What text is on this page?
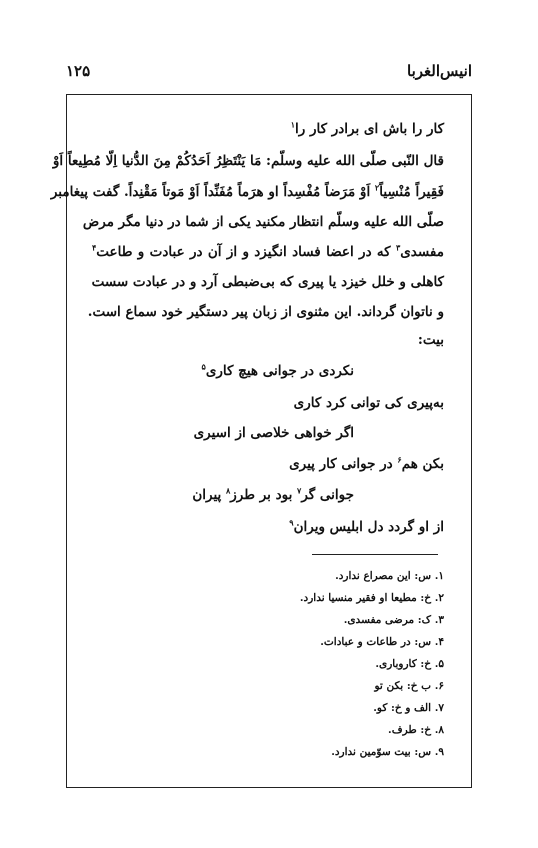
۱۲۵	انیس‌الغربا
کار را باش ای برادر کار را$^۱$
قال النّبی صلّی الله علیه وسلّم: مَا یَنْتَظِرُ اَحَدُکُمْ مِنَ الدُّنیا اِلّا مُطِیعاً اَوْ
فَقِیراً مُنْسِیاً$^۲$ اَوْ مَرَضاً مُفْسِداً او هرَماً مُفَنِّداً اَوْ مَوتاً مَقْنِداً. گفت پیغامبر
صلّی الله علیه وسلّم انتظار مکنید یکی از شما در دنیا مگر مرض
مفسدی$^۳$ که در اعضا فساد انگیزد و از آن در عبادت و طاعت$^۴$
کاهلی و خلل خیزد یا پیری که بی‌ضبطی آرد و در عبادت سست
و ناتوان گرداند. این مثنوی از زبان پیر دستگیر خود سماع است.
بیت:
نکردی در جوانی هیچ کاری$^۵$
به‌پیری کی توانی کرد کاری
اگر خواهی خلاصی از اسیری
بکن هم$^۶$ در جوانی کار پیری
جوانی گر$^۷$ بود بر طرز$^۸$ پیران
از او گردد دل ابلیس ویران$^۹$
۱. س: این مصراع ندارد.
۲. خ: مطیعا او فقیر منسیا ندارد.
۳. ک: مرضی مفسدی.
۴. س: در طاعات و عبادات.
۵. خ: کاروباری.
۶. ب خ: بکن تو
۷. الف و خ: کو.
۸. خ: طرف.
۹. س: بیت سوّمین ندارد.
